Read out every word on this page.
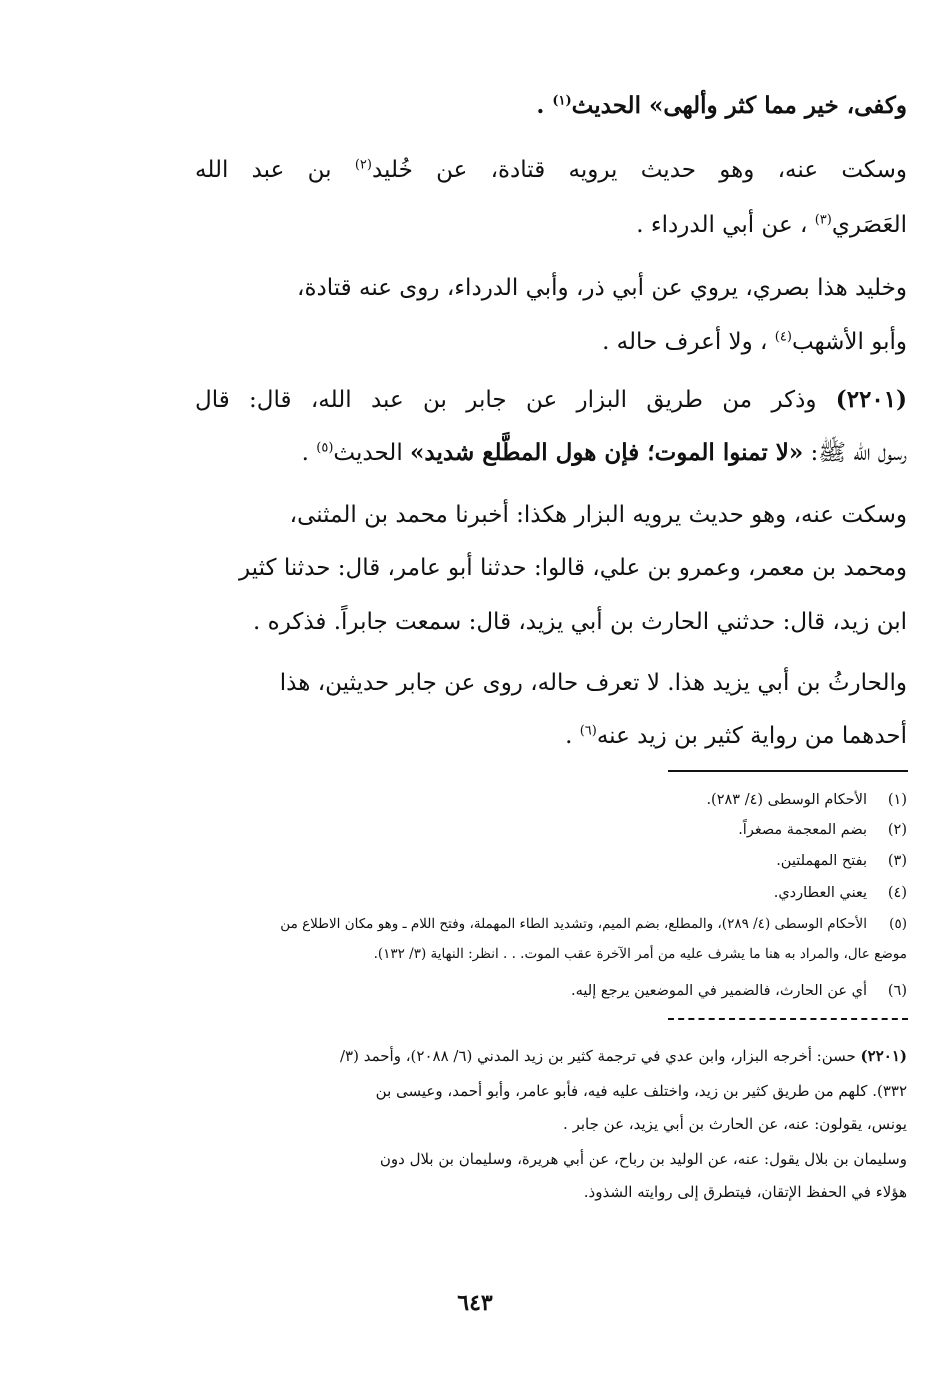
وكفى، خير مما كثر وألهى» الحديث$^{(١)}$ .
وسكت عنه، وهو حديث يرويه قتادة، عن خُليد$^{(٢)}$ بن عبد الله
العَصَري$^{(٣)}$ ، عن أبي الدرداء .
وخليد هذا بصري، يروي عن أبي ذر، وأبي الدرداء، روى عنه قتادة،
وأبو الأشهب$^{(٤)}$ ، ولا أعرف حاله .
(٢٢٠١) وذكر من طريق البزار عن جابر بن عبد الله، قال: قال
رسول الله ﷺ: «لا تمنوا الموت؛ فإن هول المطَّلع شديد» الحديث$^{(٥)}$ .
وسكت عنه، وهو حديث يرويه البزار هكذا: أخبرنا محمد بن المثنى،
ومحمد بن معمر، وعمرو بن علي، قالوا: حدثنا أبو عامر، قال: حدثنا كثير
ابن زيد، قال: حدثني الحارث بن أبي يزيد، قال: سمعت جابراً. فذكره .
والحارثُ بن أبي يزيد هذا. لا تعرف حاله، روى عن جابر حديثين، هذا
أحدهما من رواية كثير بن زيد عنه$^{(٦)}$ .
(١)الأحكام الوسطى (٤/ ٢٨٣).
(٢)بضم المعجمة مصغراً.
(٣)بفتح المهملتين.
(٤)يعني العطاردي.
(٥)الأحكام الوسطى (٤/ ٢٨٩)، والمطلع، بضم الميم، وتشديد الطاء المهملة، وفتح اللام ـ وهو مكان الاطلاع من
موضع عال، والمراد به هنا ما يشرف عليه من أمر الآخرة عقب الموت. . . انظر: النهاية (٣/ ١٣٢).
(٦)أي عن الحارث، فالضمير في الموضعين يرجع إليه.
(٢٢٠١) حسن: أخرجه البزار، وابن عدي في ترجمة كثير بن زيد المدني (٦/ ٢٠٨٨)، وأحمد (٣/
٣٣٢). كلهم من طريق كثير بن زيد، واختلف عليه فيه، فأبو عامر، وأبو أحمد، وعيسى بن
يونس، يقولون: عنه، عن الحارث بن أبي يزيد، عن جابر .
وسليمان بن بلال يقول: عنه، عن الوليد بن رباح، عن أبي هريرة، وسليمان بن بلال دون
هؤلاء في الحفظ الإتقان، فيتطرق إلى روايته الشذوذ.
٦٤٣
